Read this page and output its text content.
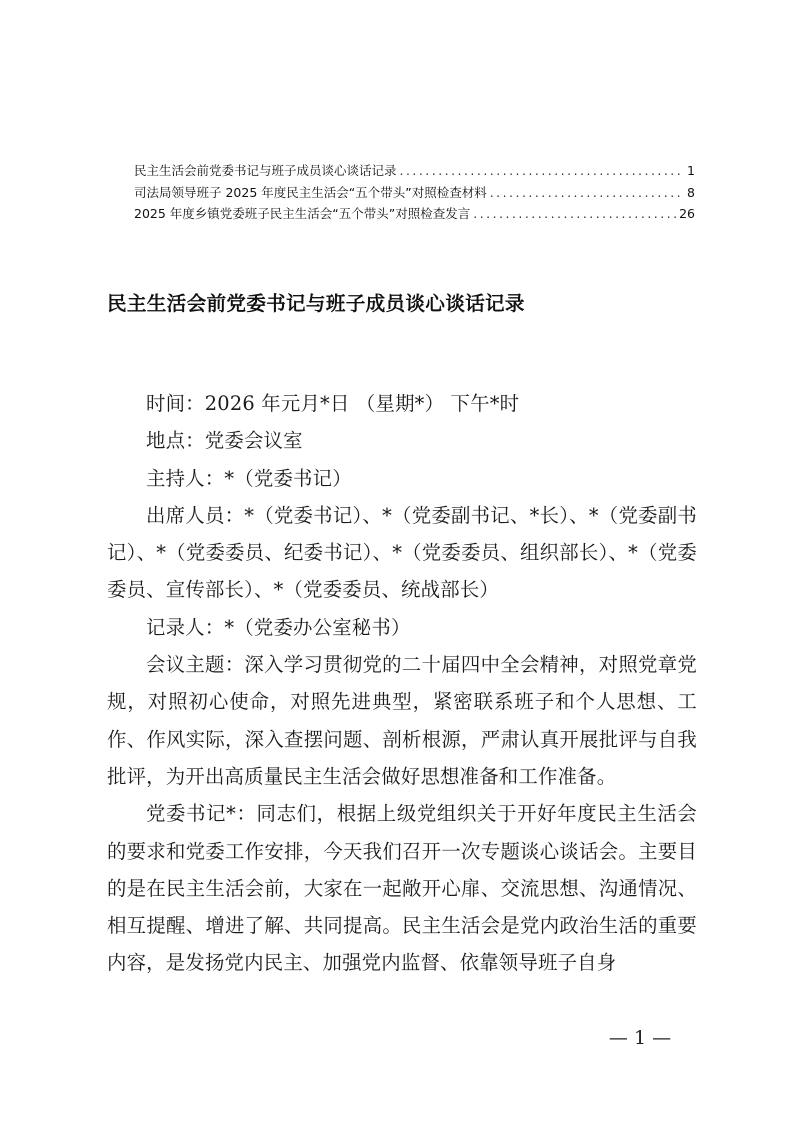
民主生活会前党委书记与班子成员谈心谈话记录 . . .	1
司法局领导班子 2025 年度民主生活会“五个带头”对照检查材料 . . .	8
2025 年度乡镇党委班子民主生活会“五个带头”对照检查发言 . . .	26
民主生活会前党委书记与班子成员谈心谈话记录

时间：2026 年元月*日 （星期*） 下午*时

地点：党委会议室

主持人：*（党委书记）

出席人员：*（党委书记）、*（党委副书记、*长）、*（党委副书记）、*（党委委员、纪委书记）、*（党委委员、组织部长）、*（党委委员、宣传部长）、*（党委委员、统战部长）

记录人：*（党委办公室秘书）

会议主题：深入学习贯彻党的二十届四中全会精神，对照党章党规，对照初心使命，对照先进典型，紧密联系班子和个人思想、工作、作风实际，深入查摆问题、剖析根源，严肃认真开展批评与自我批评，为开出高质量民主生活会做好思想准备和工作准备。

党委书记*：同志们，根据上级党组织关于开好年度民主生活会的要求和党委工作安排，今天我们召开一次专题谈心谈话会。主要目的是在民主生活会前，大家在一起敞开心扉、交流思想、沟通情况、相互提醒、增进了解、共同提高。民主生活会是党内政治生活的重要内容，是发扬党内民主、加强党内监督、依靠领导班子自身

— 1 —
